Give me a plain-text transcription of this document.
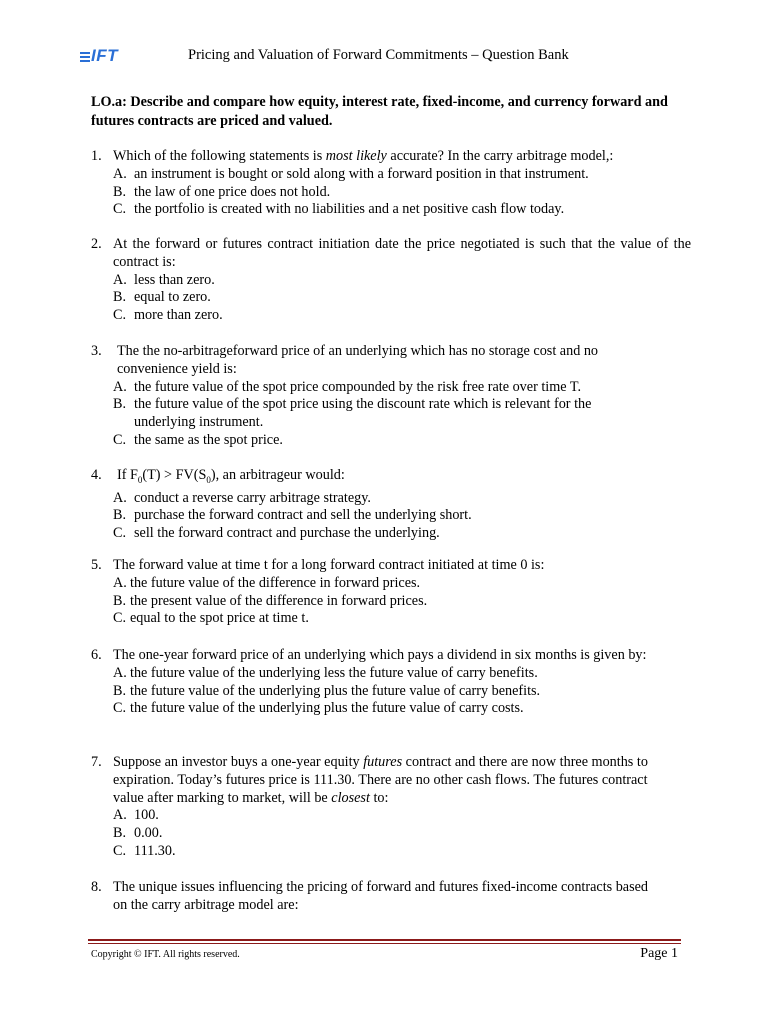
IFT	Pricing and Valuation of Forward Commitments – Question Bank
LO.a: Describe and compare how equity, interest rate, fixed-income, and currency forward and futures contracts are priced and valued.
1. Which of the following statements is most likely accurate? In the carry arbitrage model,:
A. an instrument is bought or sold along with a forward position in that instrument.
B. the law of one price does not hold.
C. the portfolio is created with no liabilities and a net positive cash flow today.
2. At the forward or futures contract initiation date the price negotiated is such that the value of the contract is:
A. less than zero.
B. equal to zero.
C. more than zero.
3. The the no-arbitrageforward price of an underlying which has no storage cost and no convenience yield is:
A. the future value of the spot price compounded by the risk free rate over time T.
B. the future value of the spot price using the discount rate which is relevant for the underlying instrument.
C. the same as the spot price.
4. If $F_0(T) > FV(S_0)$, an arbitrageur would:
A. conduct a reverse carry arbitrage strategy.
B. purchase the forward contract and sell the underlying short.
C. sell the forward contract and purchase the underlying.
5. The forward value at time t for a long forward contract initiated at time 0 is:
A. the future value of the difference in forward prices.
B. the present value of the difference in forward prices.
C. equal to the spot price at time t.
6. The one-year forward price of an underlying which pays a dividend in six months is given by:
A. the future value of the underlying less the future value of carry benefits.
B. the future value of the underlying plus the future value of carry benefits.
C. the future value of the underlying plus the future value of carry costs.
7. Suppose an investor buys a one-year equity futures contract and there are now three months to expiration. Today’s futures price is 111.30. There are no other cash flows. The futures contract value after marking to market, will be closest to:
A. 100.
B. 0.00.
C. 111.30.
8. The unique issues influencing the pricing of forward and futures fixed-income contracts based on the carry arbitrage model are:
Copyright © IFT. All rights reserved.	Page 1
